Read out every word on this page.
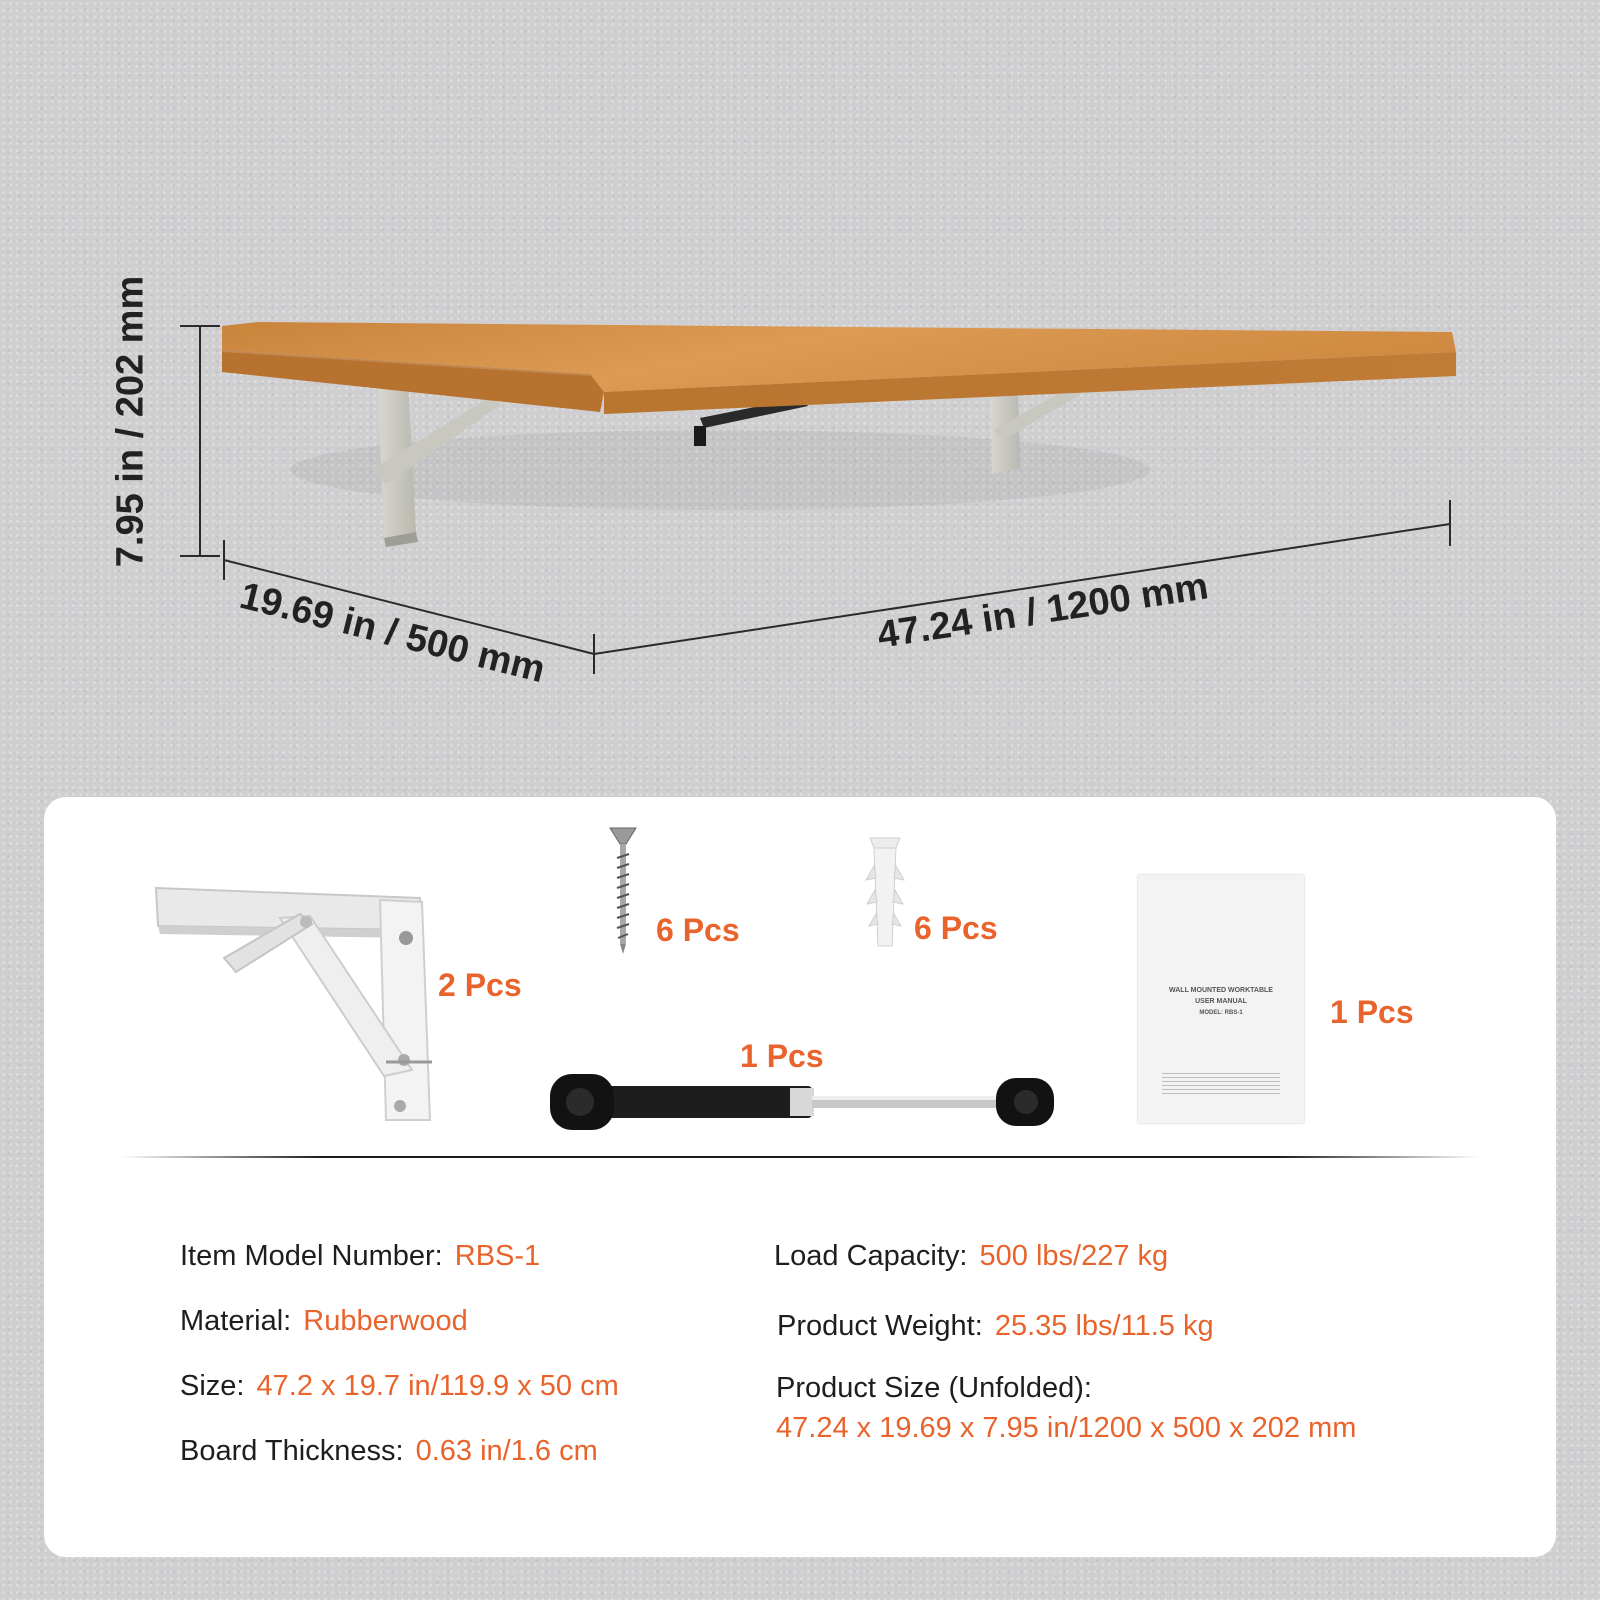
7.95 in / 202 mm
19.69 in / 500 mm	47.24 in / 1200 mm
2 Pcs
6 Pcs	6 Pcs
1 Pcs
WALL MOUNTED WORKTABLE
USER MANUAL
MODEL: RBS-1	1 Pcs
Item Model Number: RBS-1
Material: Rubberwood
Size: 47.2 x 19.7 in/119.9 x 50 cm
Board Thickness: 0.63 in/1.6 cm
Load Capacity: 500 lbs/227 kg
Product Weight: 25.35 lbs/11.5 kg
Product Size (Unfolded):
47.24 x 19.69 x 7.95 in/1200 x 500 x 202 mm
